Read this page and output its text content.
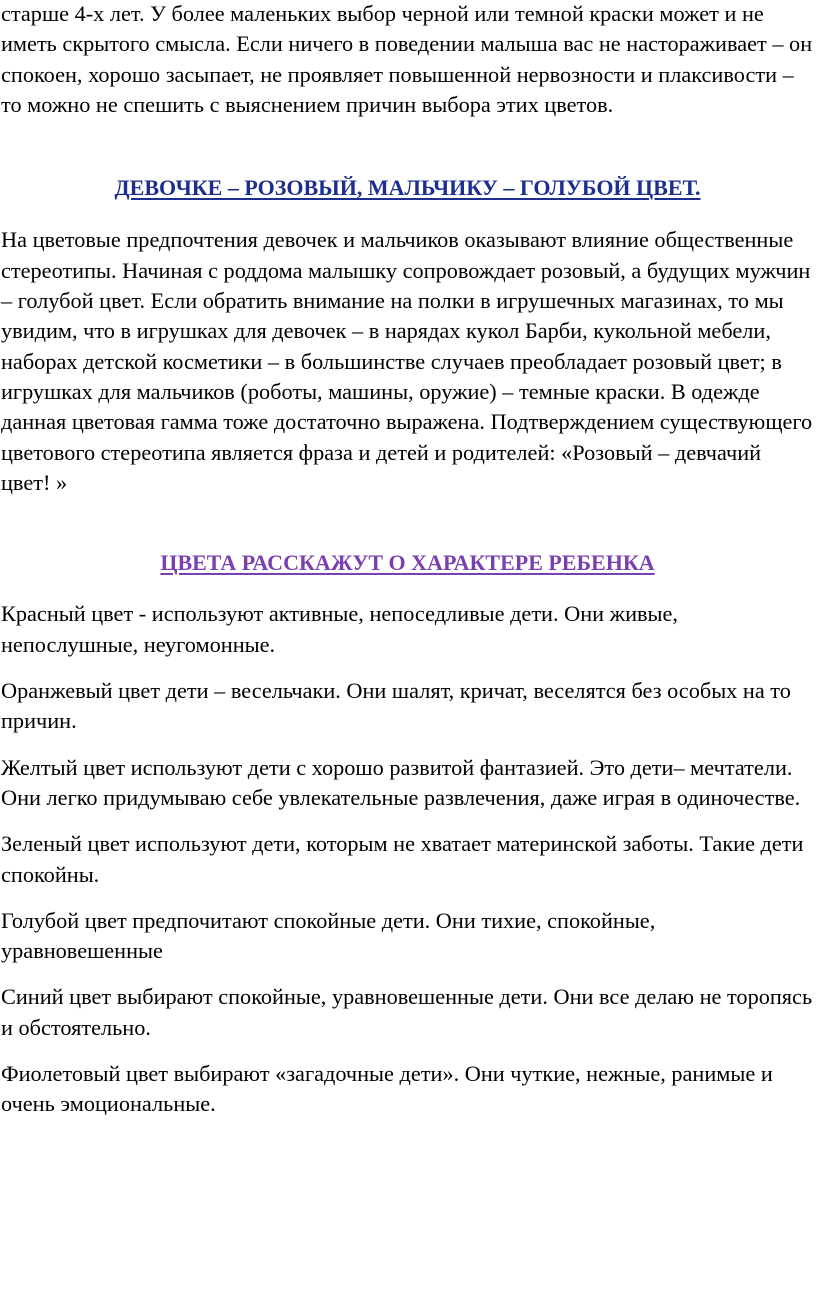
старше 4-х лет. У более маленьких выбор черной или темной краски может и не иметь скрытого смысла. Если ничего в поведении малыша вас не настораживает – он спокоен, хорошо засыпает, не проявляет повышенной нервозности и плаксивости – то можно не спешить с выяснением причин выбора этих цветов.

ДЕВОЧКЕ – РОЗОВЫЙ, МАЛЬЧИКУ – ГОЛУБОЙ ЦВЕТ.

На цветовые предпочтения девочек и мальчиков оказывают влияние общественные стереотипы. Начиная с роддома малышку сопровождает розовый, а будущих мужчин – голубой цвет. Если обратить внимание на полки в игрушечных магазинах, то мы увидим, что в игрушках для девочек – в нарядах кукол Барби, кукольной мебели, наборах детской косметики – в большинстве случаев преобладает розовый цвет; в игрушках для мальчиков (роботы, машины, оружие) – темные краски. В одежде данная цветовая гамма тоже достаточно выражена. Подтверждением существующего цветового стереотипа является фраза и детей и родителей: «Розовый – девчачий цвет! »

ЦВЕТА РАССКАЖУТ О ХАРАКТЕРЕ РЕБЕНКА

Красный цвет - используют активные, непоседливые дети. Они живые, непослушные, неугомонные.

Оранжевый цвет дети – весельчаки. Они шалят, кричат, веселятся без особых на то причин.

Желтый цвет используют дети с хорошо развитой фантазией. Это дети– мечтатели. Они легко придумываю себе увлекательные развлечения, даже играя в одиночестве.

Зеленый цвет используют дети, которым не хватает материнской заботы. Такие дети спокойны.

Голубой цвет предпочитают спокойные дети. Они тихие, спокойные, уравновешенные

Синий цвет выбирают спокойные, уравновешенные дети. Они все делаю не торопясь и обстоятельно.

Фиолетовый цвет выбирают «загадочные дети». Они чуткие, нежные, ранимые и очень эмоциональные.
